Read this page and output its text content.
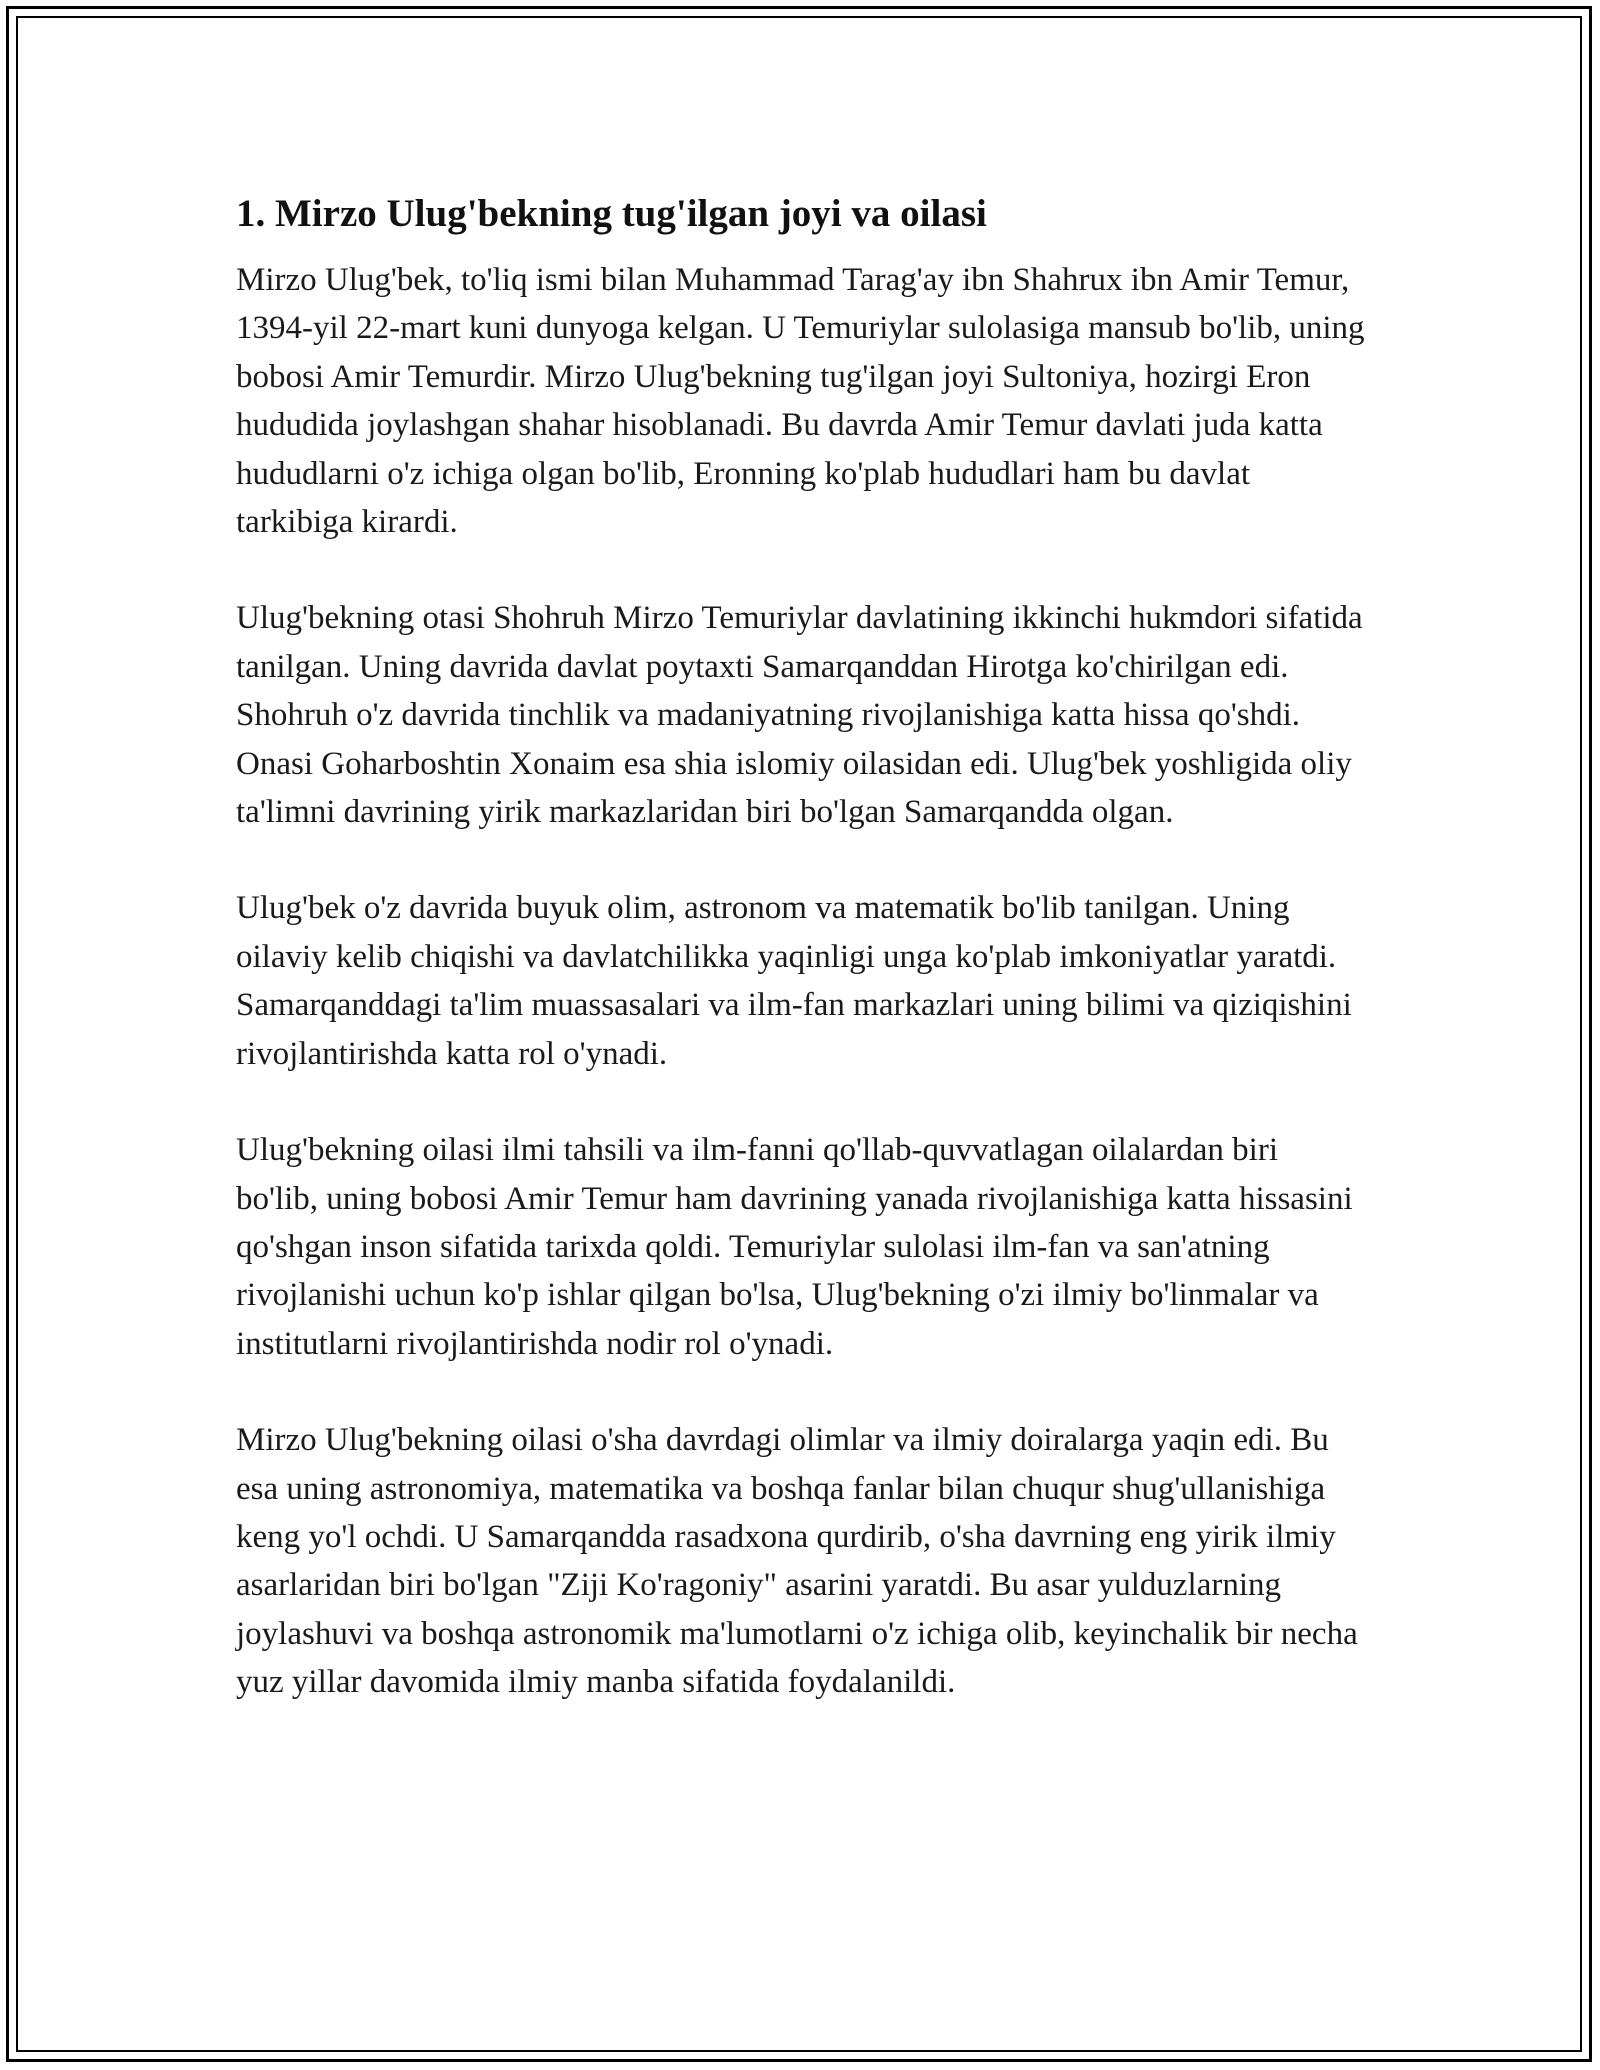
1. Mirzo Ulug'bekning tug'ilgan joyi va oilasi

Mirzo Ulug'bek, to'liq ismi bilan Muhammad Tarag'ay ibn Shahrux ibn Amir Temur, 1394-yil 22-mart kuni dunyoga kelgan. U Temuriylar sulolasiga mansub bo'lib, uning bobosi Amir Temurdir. Mirzo Ulug'bekning tug'ilgan joyi Sultoniya, hozirgi Eron hududida joylashgan shahar hisoblanadi. Bu davrda Amir Temur davlati juda katta hududlarni o'z ichiga olgan bo'lib, Eronning ko'plab hududlari ham bu davlat tarkibiga kirardi.

Ulug'bekning otasi Shohruh Mirzo Temuriylar davlatining ikkinchi hukmdori sifatida tanilgan. Uning davrida davlat poytaxti Samarqanddan Hirotga ko'chirilgan edi. Shohruh o'z davrida tinchlik va madaniyatning rivojlanishiga katta hissa qo'shdi. Onasi Goharboshtin Xonaim esa shia islomiy oilasidan edi. Ulug'bek yoshligida oliy ta'limni davrining yirik markazlaridan biri bo'lgan Samarqandda olgan.

Ulug'bek o'z davrida buyuk olim, astronom va matematik bo'lib tanilgan. Uning oilaviy kelib chiqishi va davlatchilikka yaqinligi unga ko'plab imkoniyatlar yaratdi. Samarqanddagi ta'lim muassasalari va ilm-fan markazlari uning bilimi va qiziqishini rivojlantirishda katta rol o'ynadi.

Ulug'bekning oilasi ilmi tahsili va ilm-fanni qo'llab-quvvatlagan oilalardan biri bo'lib, uning bobosi Amir Temur ham davrining yanada rivojlanishiga katta hissasini qo'shgan inson sifatida tarixda qoldi. Temuriylar sulolasi ilm-fan va san'atning rivojlanishi uchun ko'p ishlar qilgan bo'lsa, Ulug'bekning o'zi ilmiy bo'linmalar va institutlarni rivojlantirishda nodir rol o'ynadi.

Mirzo Ulug'bekning oilasi o'sha davrdagi olimlar va ilmiy doiralarga yaqin edi. Bu esa uning astronomiya, matematika va boshqa fanlar bilan chuqur shug'ullanishiga keng yo'l ochdi. U Samarqandda rasadxona qurdirib, o'sha davrning eng yirik ilmiy asarlaridan biri bo'lgan "Ziji Ko'ragoniy" asarini yaratdi. Bu asar yulduzlarning joylashuvi va boshqa astronomik ma'lumotlarni o'z ichiga olib, keyinchalik bir necha yuz yillar davomida ilmiy manba sifatida foydalanildi.
